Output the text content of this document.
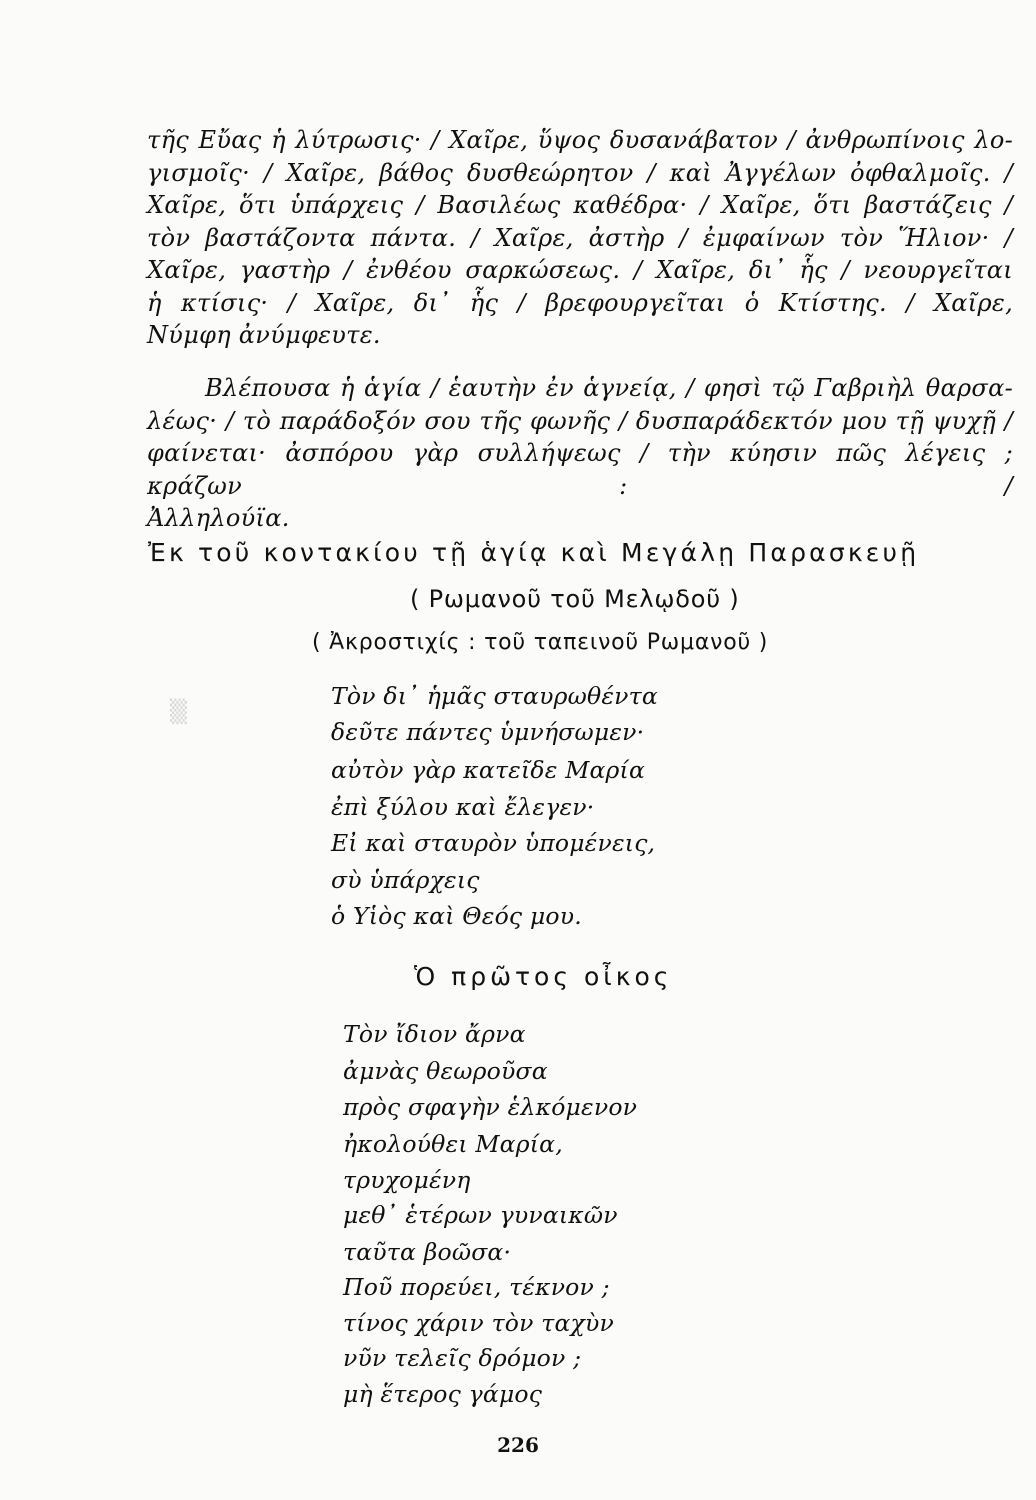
▒

τῆς Εὔας ἡ λύτρωσις· / Χαῖρε, ὕψος δυσανάβατον / ἀνθρωπίνοις λο-

γισμοῖς· / Χαῖρε, βάθος δυσθεώρητον / καὶ Ἀγγέλων ὀφθαλμοῖς. /

Χαῖρε, ὅτι ὑπάρχεις / Βασιλέως καθέδρα· / Χαῖρε, ὅτι βαστάζεις /

τὸν βαστάζοντα πάντα. / Χαῖρε, ἀστὴρ / ἐμφαίνων τὸν Ἥλιον· /

Χαῖρε, γαστὴρ / ἐνθέου σαρκώσεως. / Χαῖρε, δι᾽ ἧς / νεουργεῖται

ἡ κτίσις· / Χαῖρε, δι᾽ ἧς / βρεφουργεῖται ὁ Κτίστης. / Χαῖρε,

Νύμφη ἀνύμφευτε.

Βλέπουσα ἡ ἁγία / ἑαυτὴν ἐν ἁγνείᾳ, / φησὶ τῷ Γαβριὴλ θαρσα-

λέως· / τὸ παράδοξόν σου τῆς φωνῆς / δυσπαράδεκτόν μου τῇ ψυχῇ /

φαίνεται· ἀσπόρου γὰρ συλλήψεως / τὴν κύησιν πῶς λέγεις ; κράζων : /

Ἀλληλούϊα.

Ἐκ τοῦ κοντακίου τῇ ἁγίᾳ καὶ Μεγάλῃ Παρασκευῇ
( Ρωμανοῦ τοῦ Μελῳδοῦ )
( Ἀκροστιχίς : τοῦ ταπεινοῦ Ρωμανοῦ )
Τὸν δι᾽ ἡμᾶς σταυρωθέντα
δεῦτε πάντες ὑμνήσωμεν·
αὐτὸν γὰρ κατεῖδε Μαρία
ἐπὶ ξύλου καὶ ἔλεγεν·
Εἰ καὶ σταυρὸν ὑπομένεις,
σὺ ὑπάρχεις
ὁ Υἱὸς καὶ Θεός μου.
Ὁ πρῶτος οἶκος
Τὸν ἴδιον ἄρνα
ἀμνὰς θεωροῦσα
πρὸς σφαγὴν ἑλκόμενον
ἠκολούθει Μαρία,
τρυχομένη
μεθ᾽ ἑτέρων γυναικῶν
ταῦτα βοῶσα·
Ποῦ πορεύει, τέκνον ;
τίνος χάριν τὸν ταχὺν
νῦν τελεῖς δρόμον ;
μὴ ἕτερος γάμος
226
